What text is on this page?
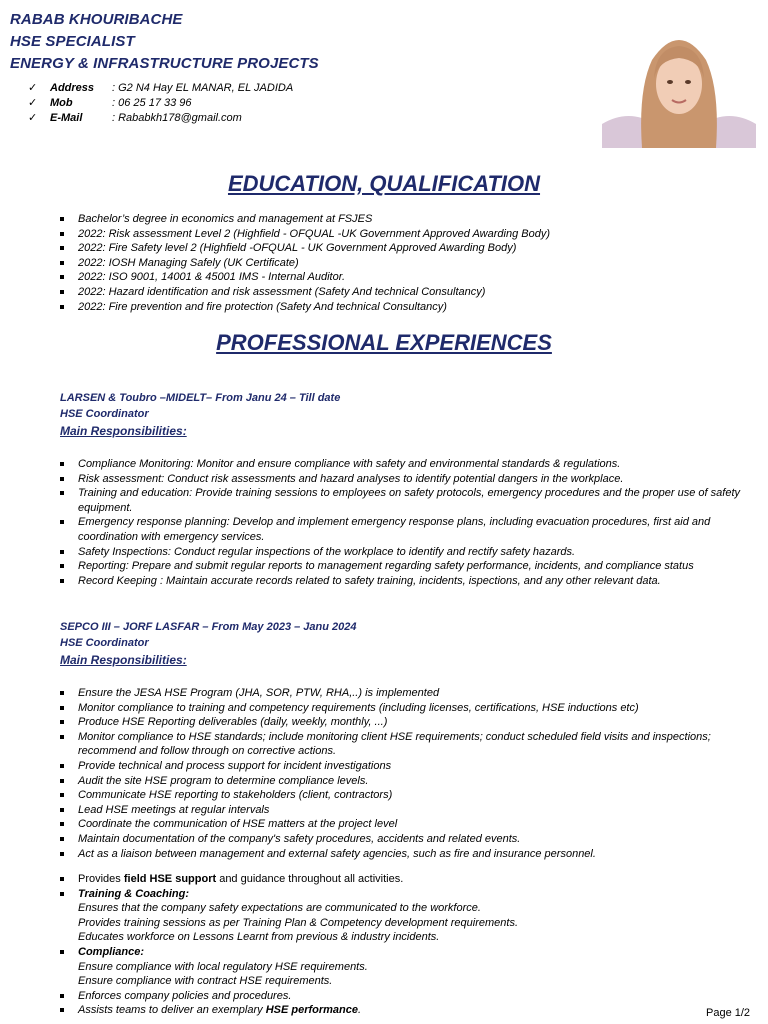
RABAB KHOURIBACHE
HSE SPECIALIST
ENERGY & INFRASTRUCTURE PROJECTS
✓ Address : G2 N4 Hay EL MANAR, EL JADIDA
✓ Mob	: 06 25 17 33 96
✓ E-Mail	: Rababkh178@gmail.com
EDUCATION, QUALIFICATION
Bachelor’s degree in economics and management at FSJES
2022: Risk assessment Level 2 (Highfield - OFQUAL -UK Government Approved Awarding Body)
2022: Fire Safety level 2 (Highfield -OFQUAL - UK Government Approved Awarding Body)
2022: IOSH Managing Safely (UK Certificate)
2022: ISO 9001, 14001 & 45001 IMS - Internal Auditor.
2022: Hazard identification and risk assessment (Safety And technical Consultancy)
2022: Fire prevention and fire protection (Safety And technical Consultancy)
PROFESSIONAL EXPERIENCES
LARSEN & Toubro –MIDELT– From Janu 24 – Till date
HSE Coordinator
Main Responsibilities:
Compliance Monitoring: Monitor and ensure compliance with safety and environmental standards & regulations.
Risk assessment: Conduct risk assessments and hazard analyses to identify potential dangers in the workplace.
Training and education: Provide training sessions to employees on safety protocols, emergency procedures and the proper use of safety equipment.
Emergency response planning: Develop and implement emergency response plans, including evacuation procedures, first aid and coordination with emergency services.
Safety Inspections: Conduct regular inspections of the workplace to identify and rectify safety hazards.
Reporting: Prepare and submit regular reports to management regarding safety performance, incidents, and compliance status
Record Keeping : Maintain accurate records related to safety training, incidents, ispections, and any other relevant data.
SEPCO III – JORF LASFAR – From May 2023 – Janu 2024
HSE Coordinator
Main Responsibilities:
Ensure the JESA HSE Program (JHA, SOR, PTW, RHA,..) is implemented
Monitor compliance to training and competency requirements (including licenses, certifications, HSE inductions etc)
Produce HSE Reporting deliverables (daily, weekly, monthly, ...)
Monitor compliance to HSE standards; include monitoring client HSE requirements; conduct scheduled field visits and inspections; recommend and follow through on corrective actions.
Provide technical and process support for incident investigations
Audit the site HSE program to determine compliance levels.
Communicate HSE reporting to stakeholders (client, contractors)
Lead HSE meetings at regular intervals
Coordinate the communication of HSE matters at the project level
Maintain documentation of the company's safety procedures, accidents and related events.
Act as a liaison between management and external safety agencies, such as fire and insurance personnel.
Provides field HSE support and guidance throughout all activities.
Training & Coaching:
Ensures that the company safety expectations are communicated to the workforce.
Provides training sessions as per Training Plan & Competency development requirements.
Educates workforce on Lessons Learnt from previous & industry incidents.
Compliance:
Ensure compliance with local regulatory HSE requirements.
Ensure compliance with contract HSE requirements.
Enforces company policies and procedures.
Assists teams to deliver an exemplary HSE performance.	Page 1/2
